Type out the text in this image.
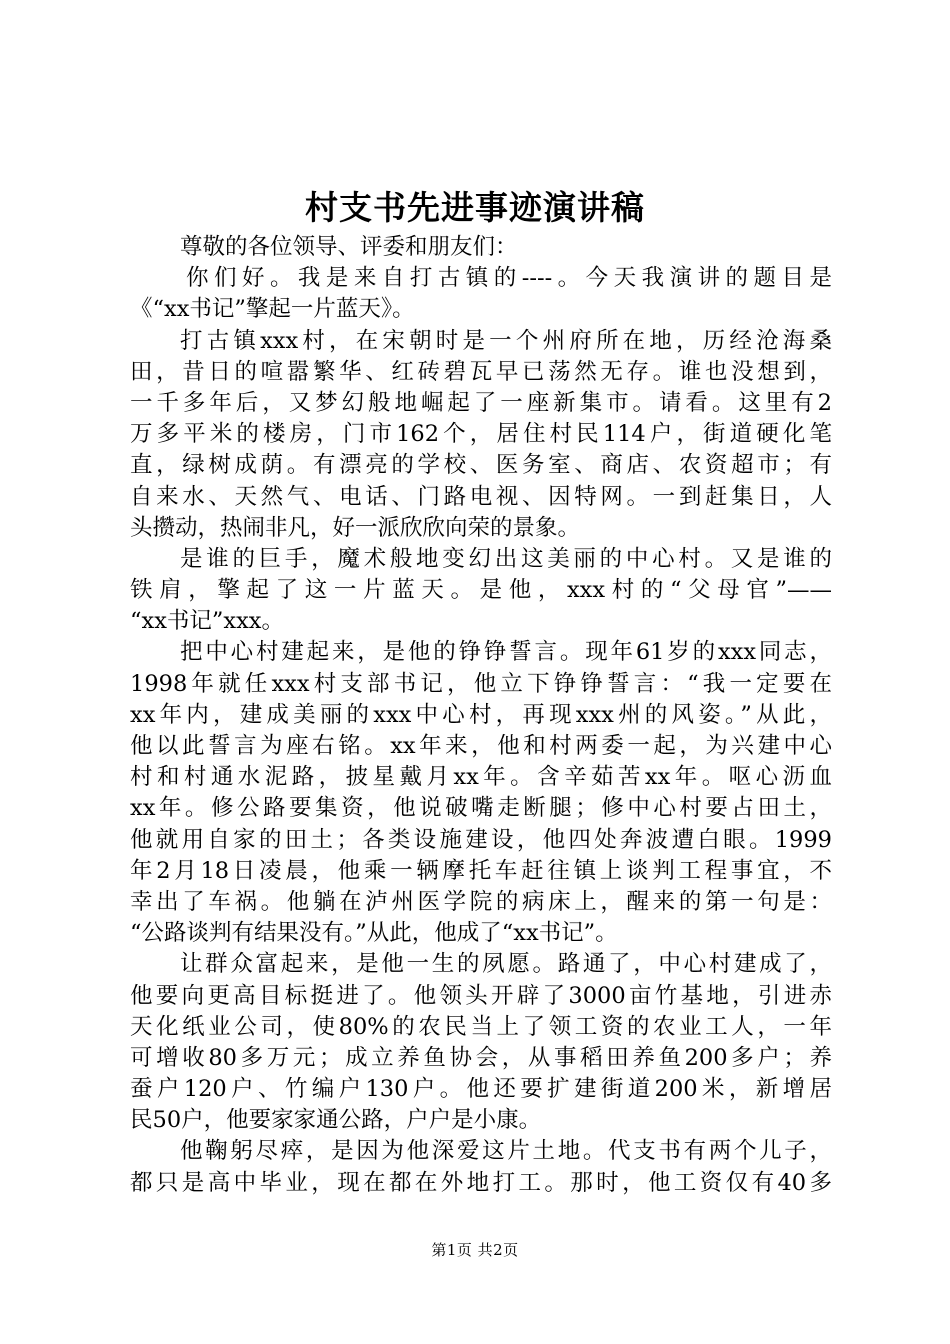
村支书先进事迹演讲稿
尊敬的各位领导、评委和朋友们：
你们好。我是来自打古镇的----。今天我演讲的题目是
《“xx书记”擎起一片蓝天》。
打古镇xxx村，在宋朝时是一个州府所在地，历经沧海桑
田，昔日的喧嚣繁华、红砖碧瓦早已荡然无存。谁也没想到，
一千多年后，又梦幻般地崛起了一座新集市。请看。这里有2
万多平米的楼房，门市162个，居住村民114户，街道硬化笔
直，绿树成荫。有漂亮的学校、医务室、商店、农资超市；有
自来水、天然气、电话、门路电视、因特网。一到赶集日，人
头攒动，热闹非凡，好一派欣欣向荣的景象。
是谁的巨手，魔术般地变幻出这美丽的中心村。又是谁的
铁肩，擎起了这一片蓝天。是他，xxx村的“父母官”——
“xx书记”xxx。
把中心村建起来，是他的铮铮誓言。现年61岁的xxx同志，
1998年就任xxx村支部书记，他立下铮铮誓言：“我一定要在
xx年内，建成美丽的xxx中心村，再现xxx州的风姿。”从此，
他以此誓言为座右铭。xx年来，他和村两委一起，为兴建中心
村和村通水泥路，披星戴月xx年。含辛茹苦xx年。呕心沥血
xx年。修公路要集资，他说破嘴走断腿；修中心村要占田土，
他就用自家的田土；各类设施建设，他四处奔波遭白眼。1999
年2月18日凌晨，他乘一辆摩托车赶往镇上谈判工程事宜，不
幸出了车祸。他躺在泸州医学院的病床上，醒来的第一句是：
“公路谈判有结果没有。”从此，他成了“xx书记”。
让群众富起来，是他一生的夙愿。路通了，中心村建成了，
他要向更高目标挺进了。他领头开辟了3000亩竹基地，引进赤
天化纸业公司，使80%的农民当上了领工资的农业工人，一年
可增收80多万元；成立养鱼协会，从事稻田养鱼200多户；养
蚕户120户、竹编户130户。他还要扩建街道200米，新增居
民50户，他要家家通公路，户户是小康。
他鞠躬尽瘁，是因为他深爱这片土地。代支书有两个儿子，
都只是高中毕业，现在都在外地打工。那时，他工资仅有40多
第1页 共2页
